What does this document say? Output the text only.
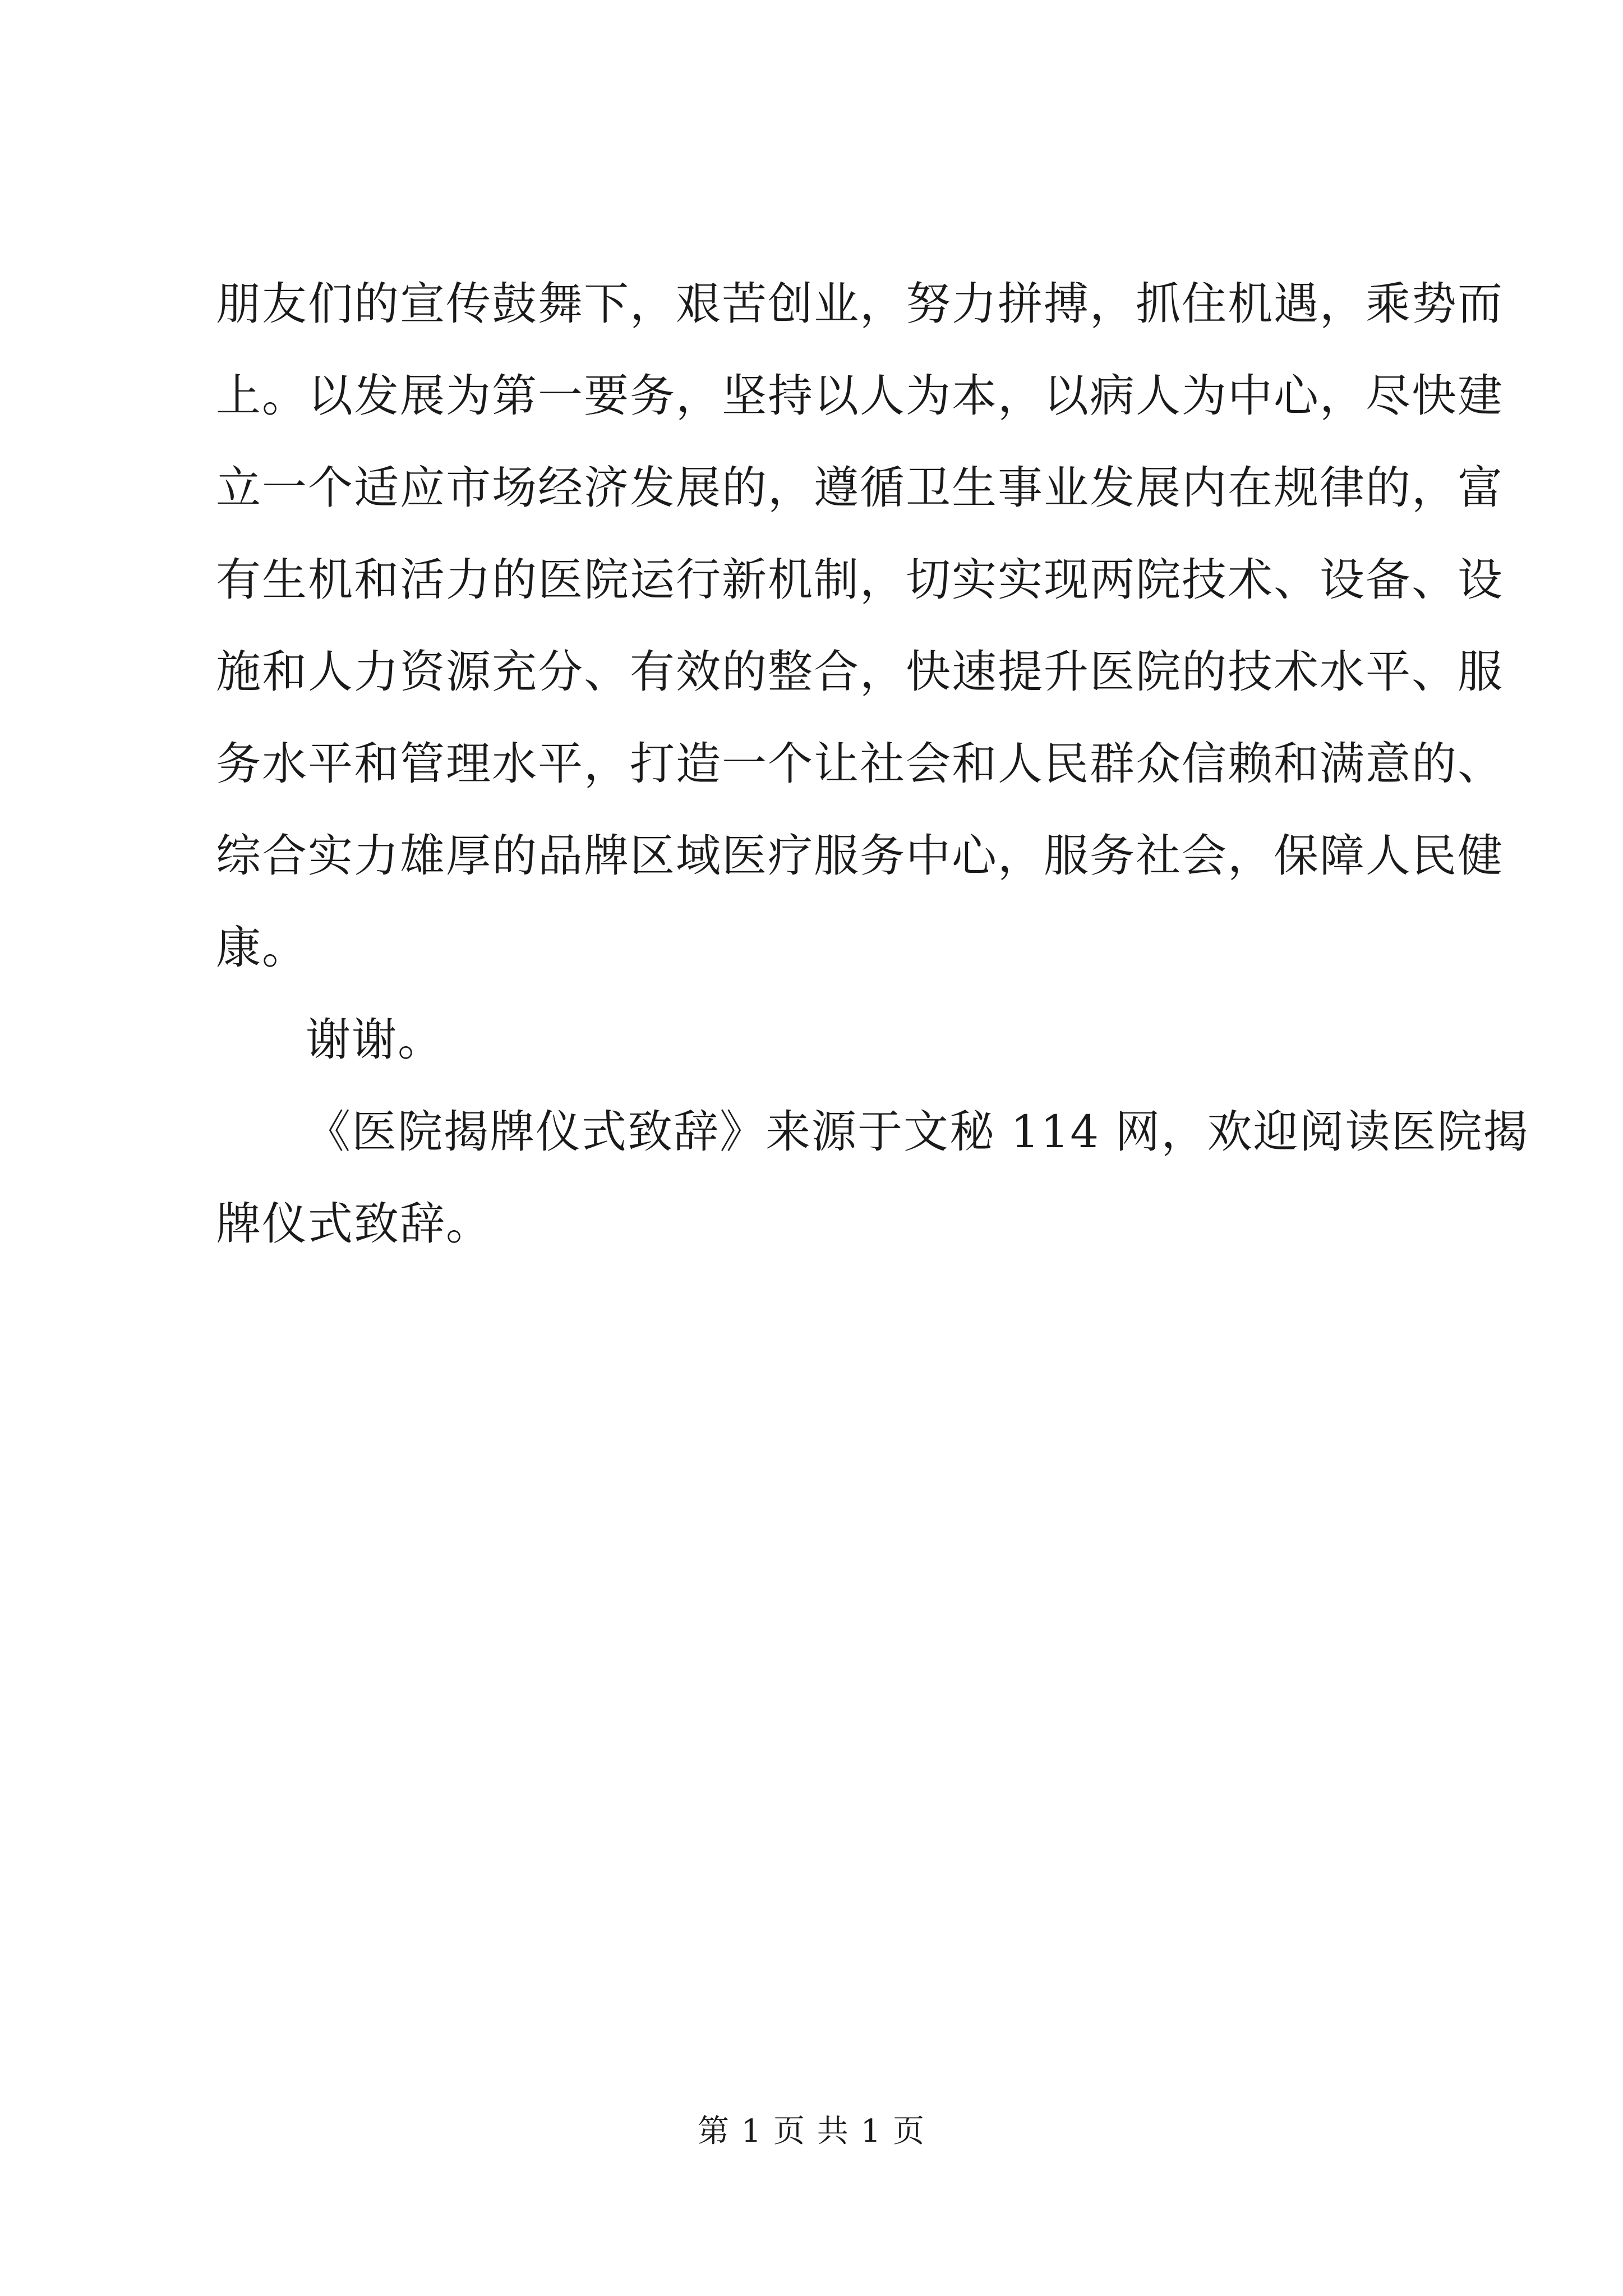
朋友们的宣传鼓舞下，艰苦创业，努力拼搏，抓住机遇，乘势而
上。以发展为第一要务，坚持以人为本，以病人为中心，尽快建
立一个适应市场经济发展的，遵循卫生事业发展内在规律的，富
有生机和活力的医院运行新机制，切实实现两院技术、设备、设
施和人力资源充分、有效的整合，快速提升医院的技术水平、服
务水平和管理水平，打造一个让社会和人民群众信赖和满意的、
综合实力雄厚的品牌区域医疗服务中心，服务社会，保障人民健
康。
谢谢。
《医院揭牌仪式致辞》来源于文秘 114 网，欢迎阅读医院揭
牌仪式致辞。
第 1 页 共 1 页
